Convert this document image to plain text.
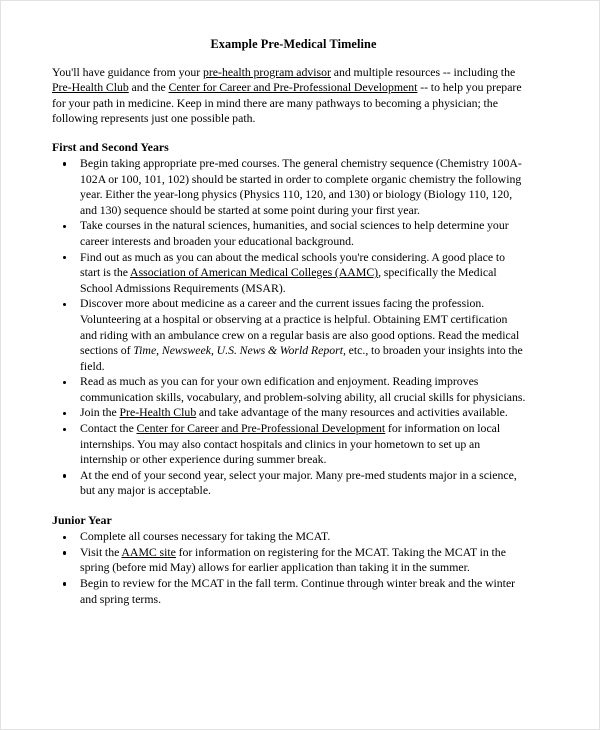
Example Pre-Medical Timeline

You'll have guidance from your pre-health program advisor and multiple resources -- including the Pre-Health Club and the Center for Career and Pre-Professional Development -- to help you prepare for your path in medicine. Keep in mind there are many pathways to becoming a physician; the following represents just one possible path.

First and Second Years
Begin taking appropriate pre-med courses. The general chemistry sequence (Chemistry 100A-102A or 100, 101, 102) should be started in order to complete organic chemistry the following year. Either the year-long physics (Physics 110, 120, and 130) or biology (Biology 110, 120, and 130) sequence should be started at some point during your first year.
Take courses in the natural sciences, humanities, and social sciences to help determine your career interests and broaden your educational background.
Find out as much as you can about the medical schools you're considering. A good place to start is the Association of American Medical Colleges (AAMC), specifically the Medical School Admissions Requirements (MSAR).
Discover more about medicine as a career and the current issues facing the profession. Volunteering at a hospital or observing at a practice is helpful. Obtaining EMT certification and riding with an ambulance crew on a regular basis are also good options. Read the medical sections of Time, Newsweek, U.S. News & World Report, etc., to broaden your insights into the field.
Read as much as you can for your own edification and enjoyment. Reading improves communication skills, vocabulary, and problem-solving ability, all crucial skills for physicians.
Join the Pre-Health Club and take advantage of the many resources and activities available.
Contact the Center for Career and Pre-Professional Development for information on local internships. You may also contact hospitals and clinics in your hometown to set up an internship or other experience during summer break.
At the end of your second year, select your major. Many pre-med students major in a science, but any major is acceptable.
Junior Year
Complete all courses necessary for taking the MCAT.
Visit the AAMC site for information on registering for the MCAT. Taking the MCAT in the spring (before mid May) allows for earlier application than taking it in the summer.
Begin to review for the MCAT in the fall term. Continue through winter break and the winter and spring terms.
